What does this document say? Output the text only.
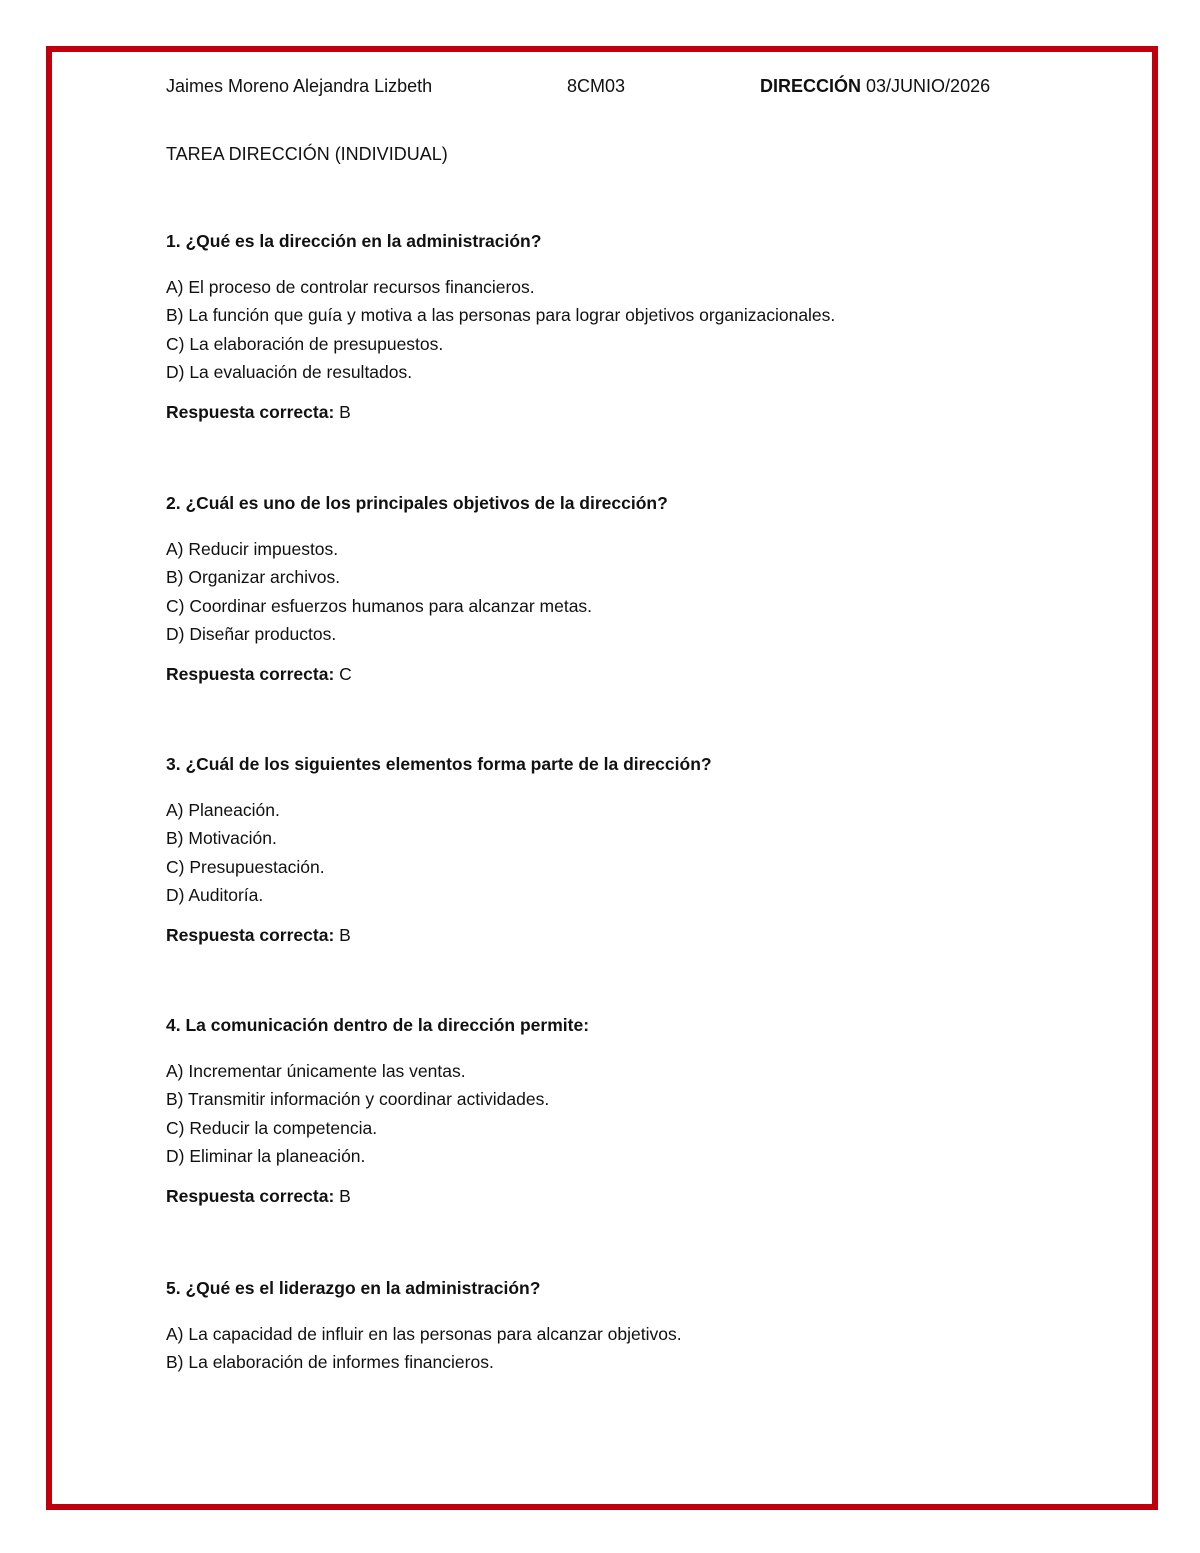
Jaimes Moreno Alejandra Lizbeth	8CM03	DIRECCIÓN 03/JUNIO/2026
TAREA DIRECCIÓN (INDIVIDUAL)
1. ¿Qué es la dirección en la administración?
A) El proceso de controlar recursos financieros.
B) La función que guía y motiva a las personas para lograr objetivos organizacionales.
C) La elaboración de presupuestos.
D) La evaluación de resultados.
Respuesta correcta: B
2. ¿Cuál es uno de los principales objetivos de la dirección?
A) Reducir impuestos.
B) Organizar archivos.
C) Coordinar esfuerzos humanos para alcanzar metas.
D) Diseñar productos.
Respuesta correcta: C
3. ¿Cuál de los siguientes elementos forma parte de la dirección?
A) Planeación.
B) Motivación.
C) Presupuestación.
D) Auditoría.
Respuesta correcta: B
4. La comunicación dentro de la dirección permite:
A) Incrementar únicamente las ventas.
B) Transmitir información y coordinar actividades.
C) Reducir la competencia.
D) Eliminar la planeación.
Respuesta correcta: B
5. ¿Qué es el liderazgo en la administración?
A) La capacidad de influir en las personas para alcanzar objetivos.
B) La elaboración de informes financieros.
